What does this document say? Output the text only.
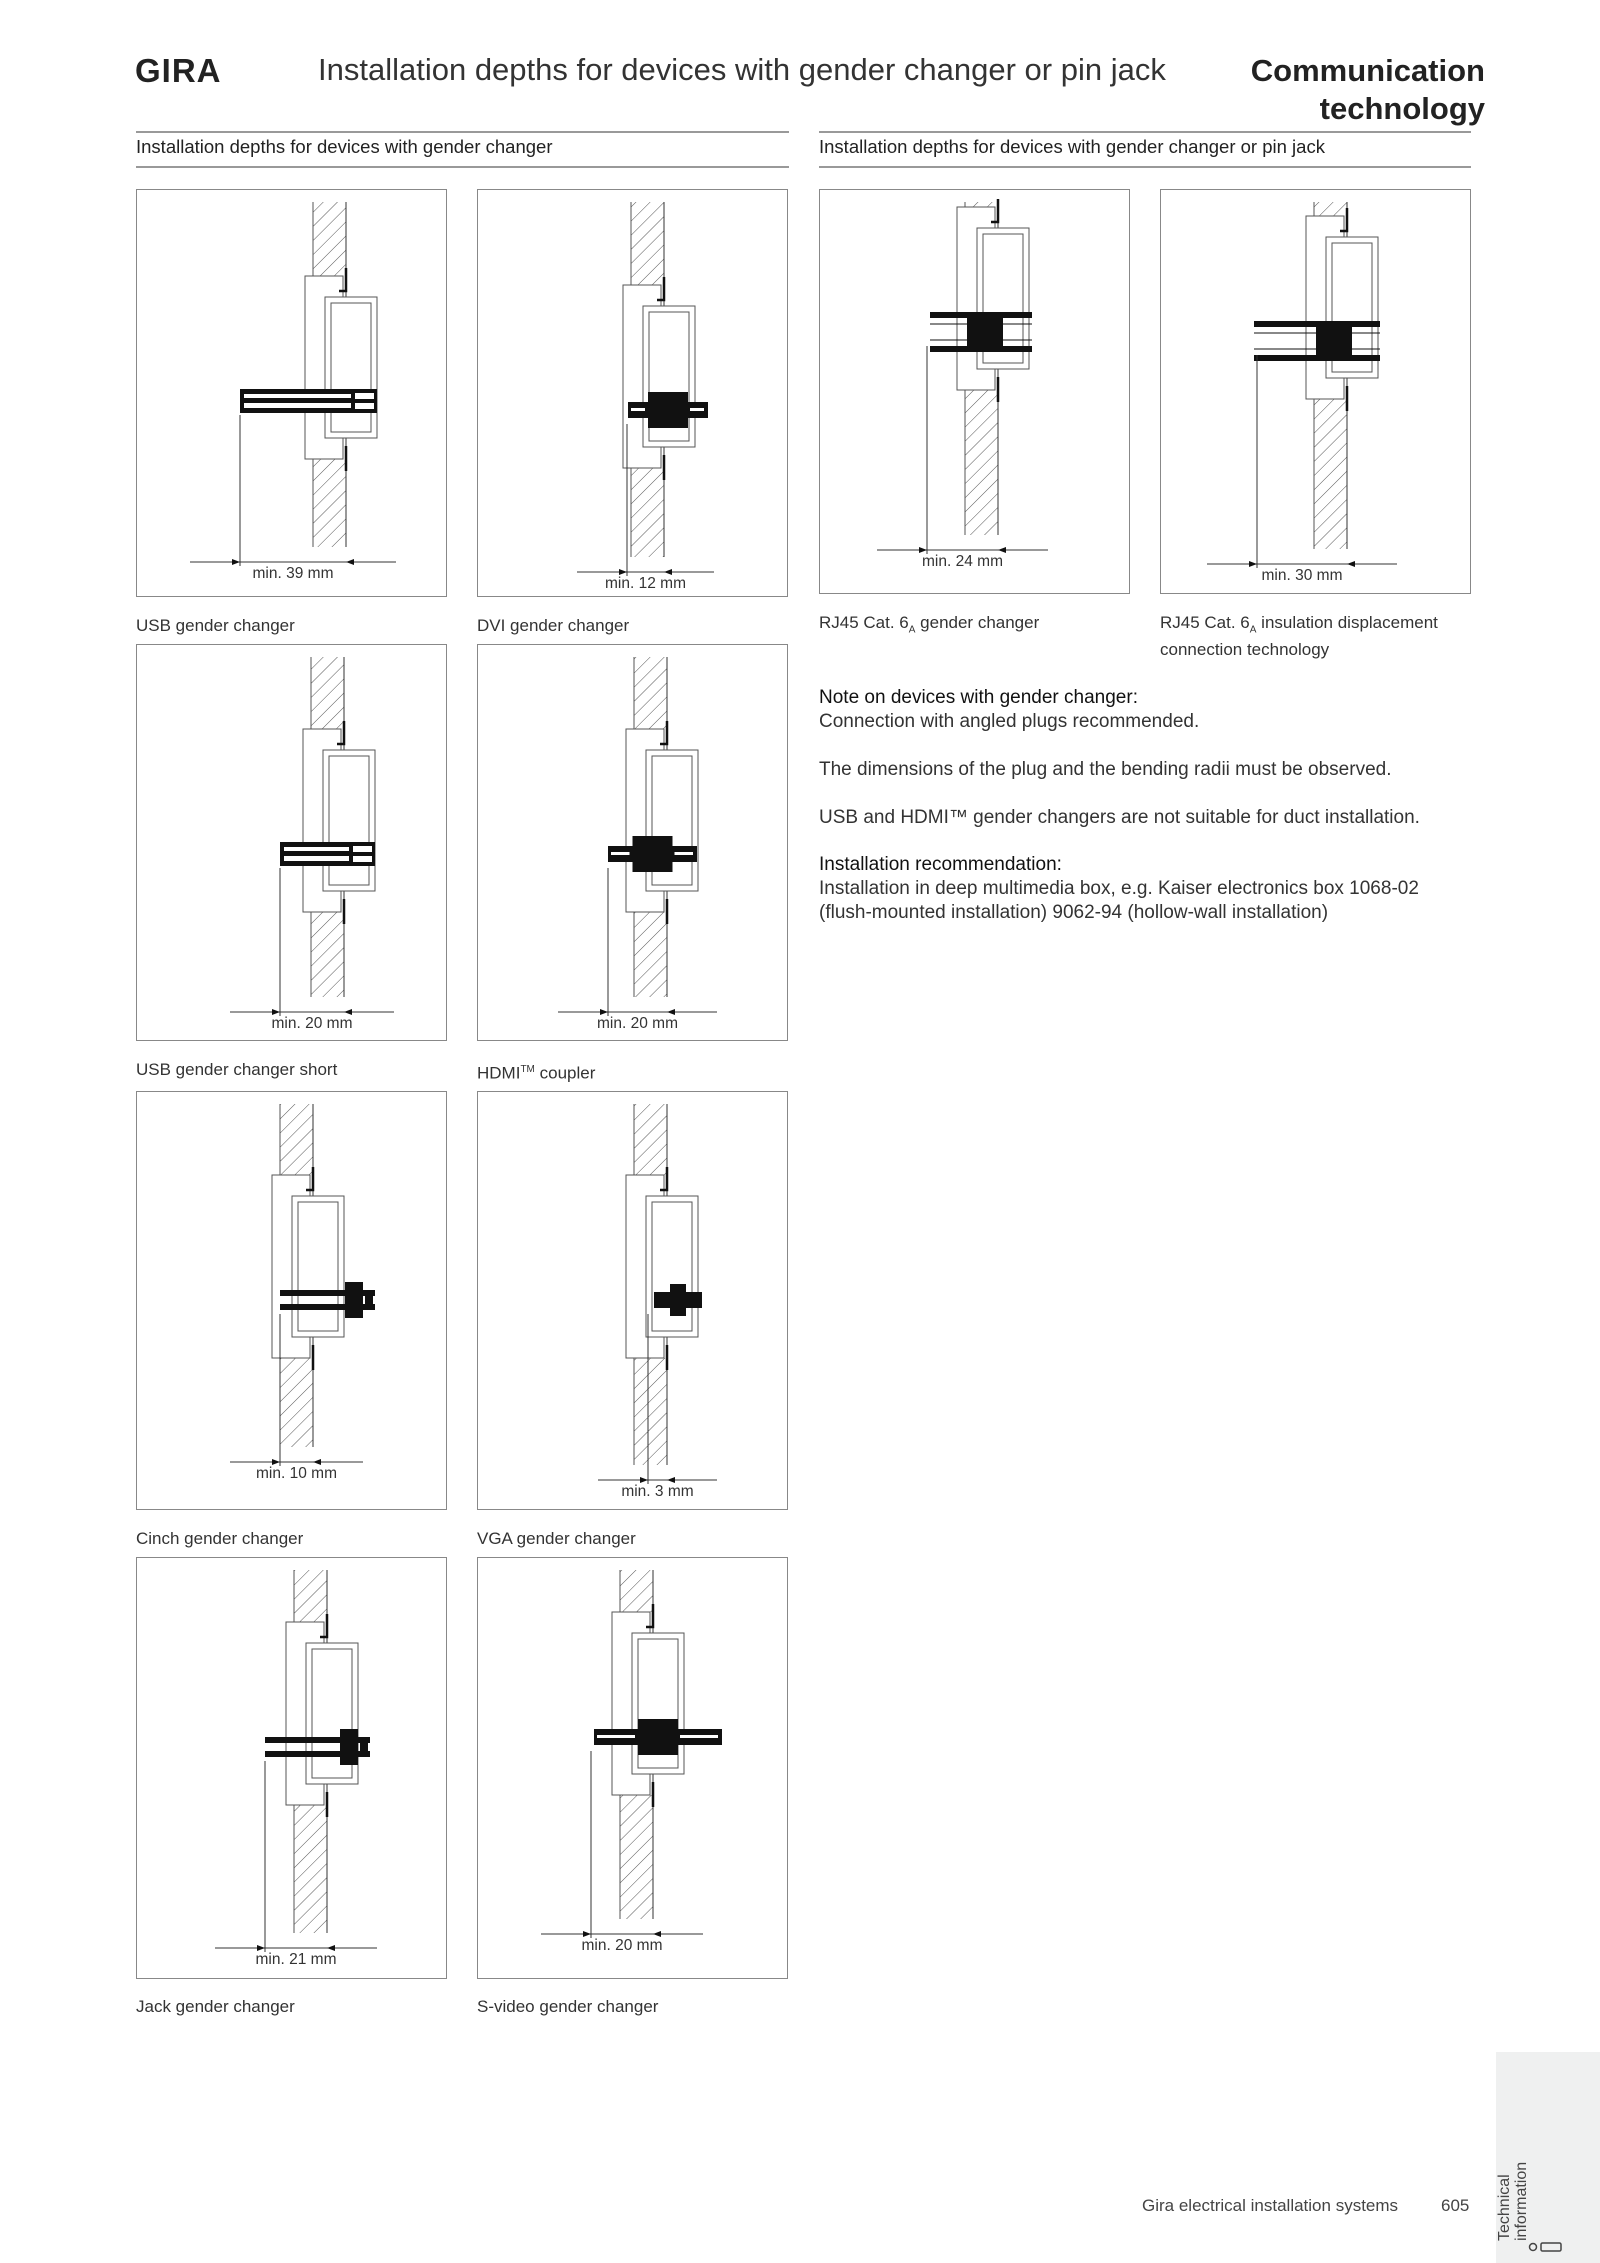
GIRA	Installation depths for devices with gender changer or pin jack	Communication
technology
Installation depths for devices with gender changer	Installation depths for devices with gender changer or pin jack
min. 39 mm
USB gender changer
min. 12 mm
DVI gender changer
min. 24 mm
RJ45 Cat. $6_A$ gender changer
min. 30 mm
RJ45 Cat. $6_A$ insulation displacement
connection technology
min. 20 mm
USB gender changer short
min. 20 mm
HDMI™ coupler
min. 10 mm
Cinch gender changer
min. 3 mm
VGA gender changer
min. 21 mm
Jack gender changer
min. 20 mm
S-video gender changer
Note on devices with gender changer:
Connection with angled plugs recommended.
The dimensions of the plug and the bending radii must be observed.
USB and HDMI™ gender changers are not suitable for duct installation.
Installation recommendation:
Installation in deep multimedia box, e.g. Kaiser electronics box 1068-02
(flush-mounted installation) 9062-94 (hollow-wall installation)
Gira electrical installation systems	605 Technical information
